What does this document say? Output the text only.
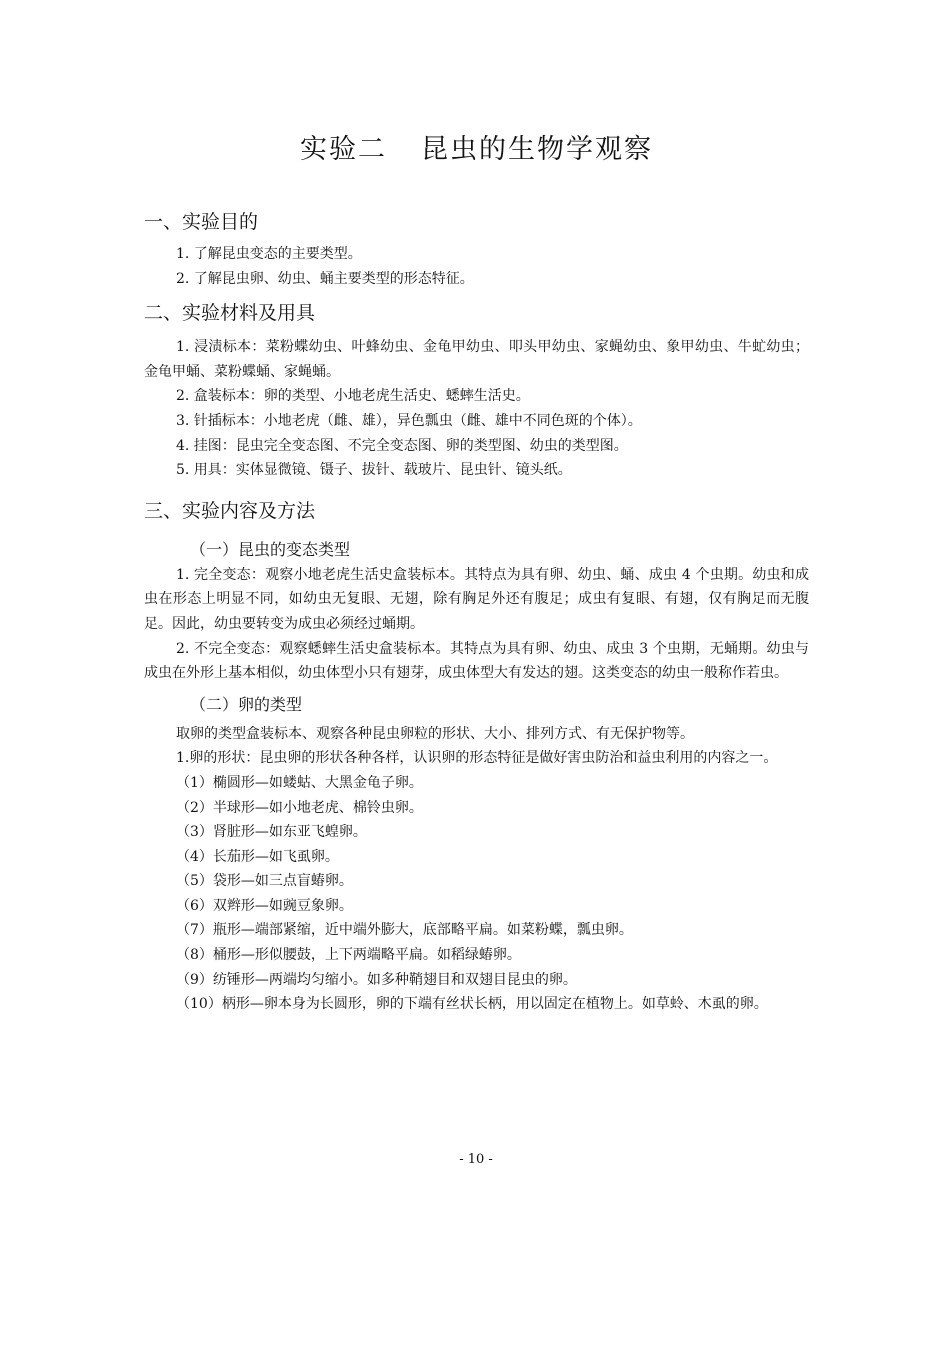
实验二 昆虫的生物学观察
一、实验目的
1. 了解昆虫变态的主要类型。
2. 了解昆虫卵、幼虫、蛹主要类型的形态特征。
二、实验材料及用具

1. 浸渍标本：菜粉蝶幼虫、叶蜂幼虫、金龟甲幼虫、叩头甲幼虫、家蝇幼虫、象甲幼虫、牛虻幼虫；金龟甲蛹、菜粉蝶蛹、家蝇蛹。

2. 盒装标本：卵的类型、小地老虎生活史、蟋蟀生活史。

3. 针插标本：小地老虎（雌、雄），异色瓢虫（雌、雄中不同色斑的个体）。

4. 挂图：昆虫完全变态图、不完全变态图、卵的类型图、幼虫的类型图。

5. 用具：实体显微镜、镊子、拔针、载玻片、昆虫针、镜头纸。

三、实验内容及方法
（一）昆虫的变态类型

1. 完全变态：观察小地老虎生活史盒装标本。其特点为具有卵、幼虫、蛹、成虫 4 个虫期。幼虫和成虫在形态上明显不同，如幼虫无复眼、无翅，除有胸足外还有腹足；成虫有复眼、有翅，仅有胸足而无腹足。因此，幼虫要转变为成虫必须经过蛹期。

2. 不完全变态：观察蟋蟀生活史盒装标本。其特点为具有卵、幼虫、成虫 3 个虫期，无蛹期。幼虫与成虫在外形上基本相似，幼虫体型小只有翅芽，成虫体型大有发达的翅。这类变态的幼虫一般称作若虫。

（二）卵的类型

取卵的类型盒装标本、观察各种昆虫卵粒的形状、大小、排列方式、有无保护物等。

1.卵的形状：昆虫卵的形状各种各样，认识卵的形态特征是做好害虫防治和益虫利用的内容之一。

（1）椭圆形—如蝼蛄、大黑金龟子卵。

（2）半球形—如小地老虎、棉铃虫卵。

（3）肾脏形—如东亚飞蝗卵。

（4）长茄形—如飞虱卵。

（5）袋形—如三点盲蝽卵。

（6）双辫形—如豌豆象卵。

（7）瓶形—端部紧缩，近中端外膨大，底部略平扁。如菜粉蝶，瓢虫卵。

（8）桶形—形似腰鼓，上下两端略平扁。如稻绿蝽卵。

（9）纺锤形—两端均匀缩小。如多种鞘翅目和双翅目昆虫的卵。

（10）柄形—卵本身为长圆形，卵的下端有丝状长柄，用以固定在植物上。如草蛉、木虱的卵。

- 10 -
